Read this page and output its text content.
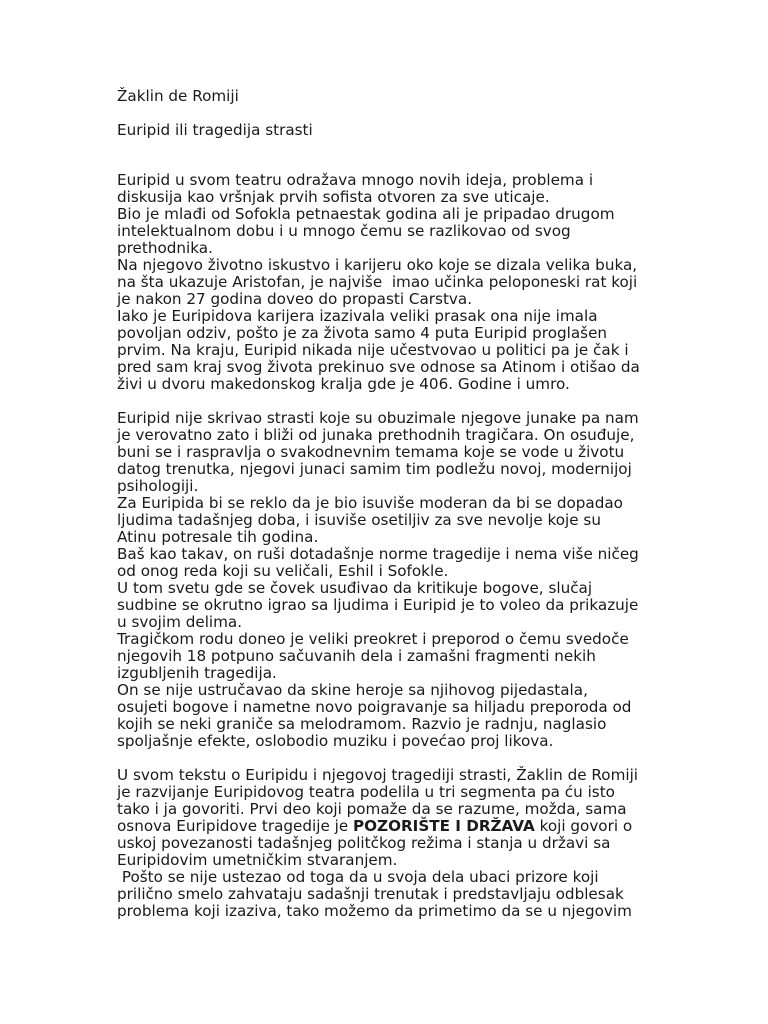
Žaklin de Romiji
Euripid ili tragedija strasti
Euripid u svom teatru odražava mnogo novih ideja, problema i
diskusija kao vršnjak prvih sofista otvoren za sve uticaje.
Bio je mlađi od Sofokla petnaestak godina ali je pripadao drugom
intelektualnom dobu i u mnogo čemu se razlikovao od svog
prethodnika.
Na njegovo životno iskustvo i karijeru oko koje se dizala velika buka,
na šta ukazuje Aristofan, je najviše  imao učinka peloponeski rat koji
je nakon 27 godina doveo do propasti Carstva.
Iako je Euripidova karijera izazivala veliki prasak ona nije imala
povoljan odziv, pošto je za života samo 4 puta Euripid proglašen
prvim. Na kraju, Euripid nikada nije učestvovao u politici pa je čak i
pred sam kraj svog života prekinuo sve odnose sa Atinom i otišao da
živi u dvoru makedonskog kralja gde je 406. Godine i umro.
Euripid nije skrivao strasti koje su obuzimale njegove junake pa nam
je verovatno zato i bliži od junaka prethodnih tragičara. On osuđuje,
buni se i raspravlja o svakodnevnim temama koje se vode u životu
datog trenutka, njegovi junaci samim tim podležu novoj, modernijoj
psihologiji.
Za Euripida bi se reklo da je bio isuviše moderan da bi se dopadao
ljudima tadašnjeg doba, i isuviše osetiljiv za sve nevolje koje su
Atinu potresale tih godina.
Baš kao takav, on ruši dotadašnje norme tragedije i nema više ničeg
od onog reda koji su veličali, Eshil i Sofokle.
U tom svetu gde se čovek usuđivao da kritikuje bogove, slučaj
sudbine se okrutno igrao sa ljudima i Euripid je to voleo da prikazuje
u svojim delima.
Tragičkom rodu doneo je veliki preokret i preporod o čemu svedoče
njegovih 18 potpuno sačuvanih dela i zamašni fragmenti nekih
izgubljenih tragedija.
On se nije ustručavao da skine heroje sa njihovog pijedastala,
osujeti bogove i nametne novo poigravanje sa hiljadu preporoda od
kojih se neki graniče sa melodramom. Razvio je radnju, naglasio
spoljašnje efekte, oslobodio muziku i povećao proj likova.
U svom tekstu o Euripidu i njegovoj tragediji strasti, Žaklin de Romiji
je razvijanje Euripidovog teatra podelila u tri segmenta pa ću isto
tako i ja govoriti. Prvi deo koji pomaže da se razume, možda, sama
osnova Euripidove tragedije je POZORIŠTE I DRŽAVA koji govori o
uskoj povezanosti tadašnjeg politčkog režima i stanja u državi sa
Euripidovim umetničkim stvaranjem.
Pošto se nije ustezao od toga da u svoja dela ubaci prizore koji
prilično smelo zahvataju sadašnji trenutak i predstavljaju odblesak
problema koji izaziva, tako možemo da primetimo da se u njegovim
